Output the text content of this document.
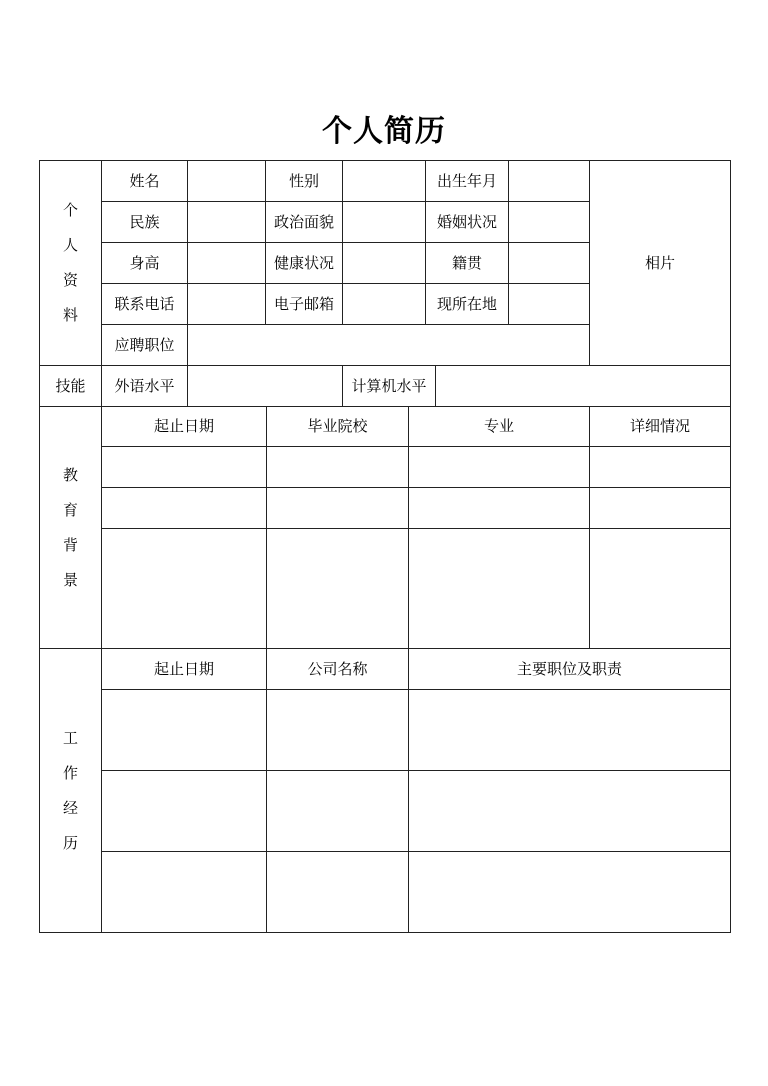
个人简历
个
人
资
料
姓名	性别	出生年月
民族	政治面貌	婚姻状况
身高	健康状况	籍贯
联系电话	电子邮箱	现所在地
应聘职位
相片
技能	外语水平	计算机水平
教
育
背
景
起止日期	毕业院校	专业	详细情况
工
作
经
历
起止日期	公司名称	主要职位及职责
